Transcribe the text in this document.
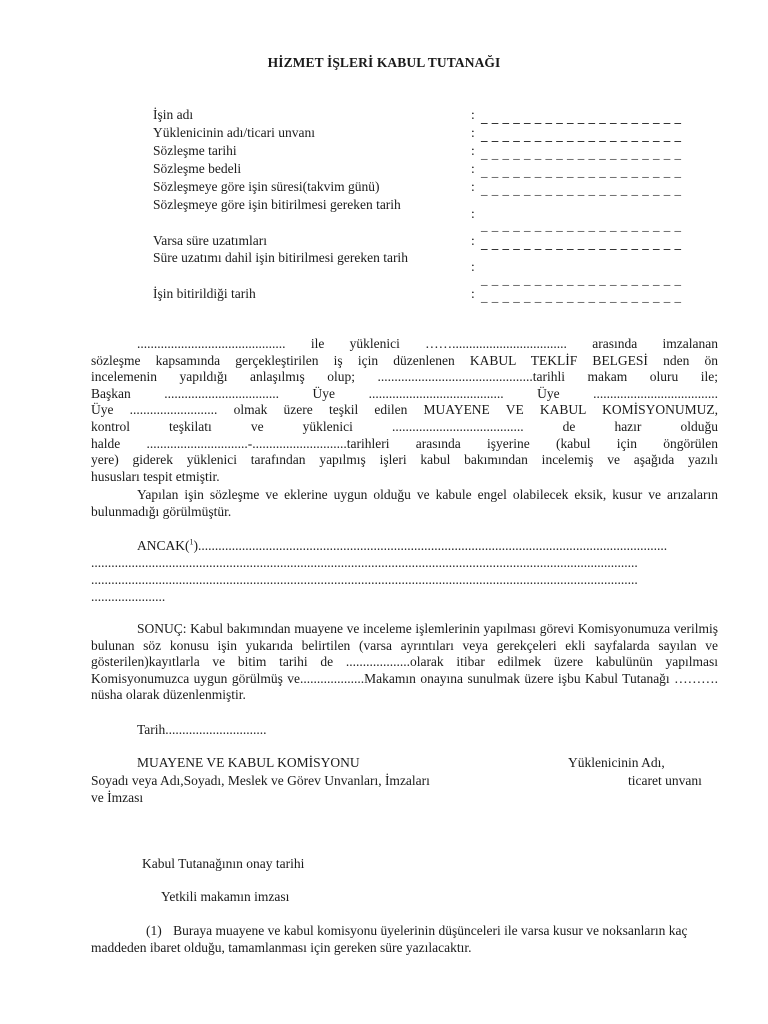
HİZMET İŞLERİ KABUL TUTANAĞI
İşin adı	: _ _ _ _ _ _ _ _ _ _ _ _ _ _ _ _ _ _ _
Yüklenicinin adı/ticari unvanı	: _ _ _ _ _ _ _ _ _ _ _ _ _ _ _ _ _ _ _
Sözleşme tarihi	: _ _ _ _ _ _ _ _ _ _ _ _ _ _ _ _ _ _ _
Sözleşme bedeli	: _ _ _ _ _ _ _ _ _ _ _ _ _ _ _ _ _ _ _
Sözleşmeye göre işin süresi(takvim günü)	: _ _ _ _ _ _ _ _ _ _ _ _ _ _ _ _ _ _ _
Sözleşmeye göre işin bitirilmesi gereken tarih
:
_ _ _ _ _ _ _ _ _ _ _ _ _ _ _ _ _ _ _
Varsa süre uzatımları	: _ _ _ _ _ _ _ _ _ _ _ _ _ _ _ _ _ _ _
Süre uzatımı dahil işin bitirilmesi gereken tarih
:
_ _ _ _ _ _ _ _ _ _ _ _ _ _ _ _ _ _ _
İşin bitirildiği tarih	: _ _ _ _ _ _ _ _ _ _ _ _ _ _ _ _ _ _ _
............................................ ile yüklenici …….................................. arasında imzalanan
sözleşme kapsamında gerçekleştirilen iş için düzenlenen KABUL TEKLİF BELGESİ nden ön
incelemenin yapıldığı anlaşılmış olup; ..............................................tarihli makam oluru ile;
Başkan .................................. Üye ........................................ Üye .....................................
Üye .......................... olmak üzere teşkil edilen MUAYENE VE KABUL KOMİSYONUMUZ,
kontrol teşkilatı ve yüklenici ....................................... de hazır olduğu
halde ..............................-............................tarihleri arasında işyerine (kabul için öngörülen
yere) giderek yüklenici tarafından yapılmış işleri kabul bakımından incelemiş ve aşağıda yazılı
hususları tespit etmiştir.
Yapılan işin sözleşme ve eklerine uygun olduğu ve kabule engel olabilecek eksik, kusur ve arızaların bulunmadığı görülmüştür.
ANCAK($^1$)...........................................................................................................................................
..................................................................................................................................................................
..................................................................................................................................................................
......................
SONUÇ: Kabul bakımından muayene ve inceleme işlemlerinin yapılması görevi Komisyonumuza verilmiş bulunan söz konusu işin yukarıda belirtilen (varsa ayrıntıları veya gerekçeleri ekli sayfalarda sayılan ve gösterilen)kayıtlarla ve bitim tarihi de ...................olarak itibar edilmek üzere kabulünün yapılması Komisyonumuzca uygun görülmüş ve...................Makamın onayına sunulmak üzere işbu Kabul Tutanağı ………. nüsha olarak düzenlenmiştir.
Tarih..............................
MUAYENE VE KABUL KOMİSYONU	Yüklenicinin Adı,
Soyadı veya Adı,Soyadı, Meslek ve Görev Unvanları, İmzaları	ticaret unvanı
ve İmzası
Kabul Tutanağının onay tarihi
Yetkili makamın imzası
(1) Buraya muayene ve kabul komisyonu üyelerinin düşünceleri ile varsa kusur ve noksanların kaç maddeden ibaret olduğu, tamamlanması için gereken süre yazılacaktır.
